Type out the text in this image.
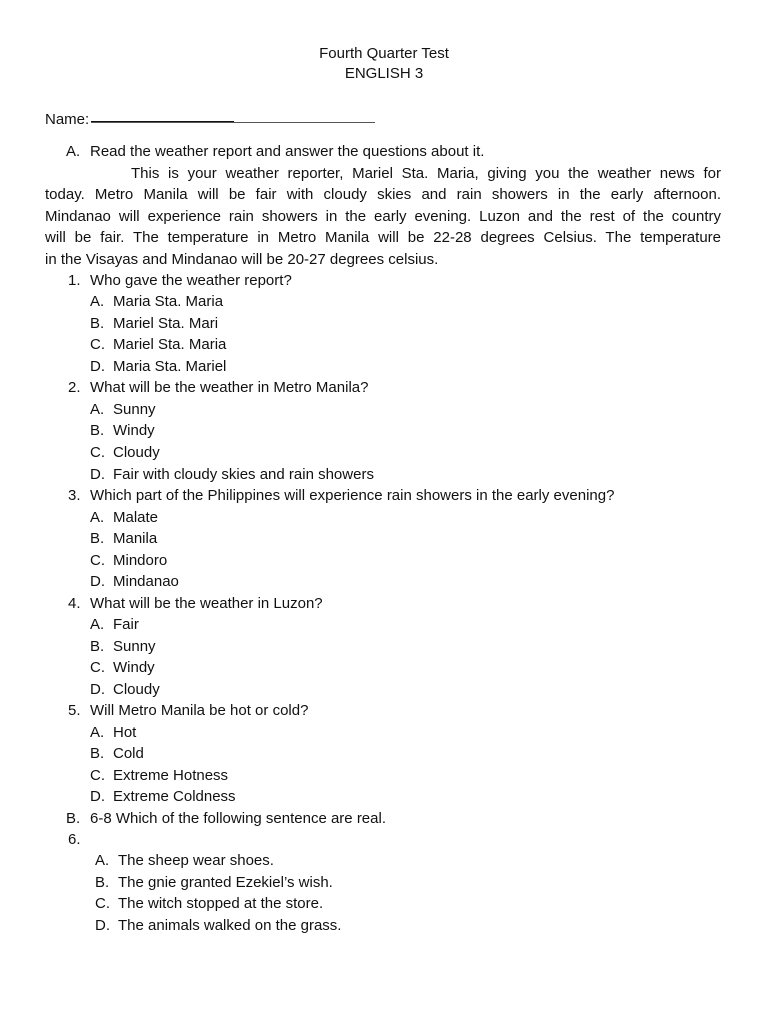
Fourth Quarter Test
ENGLISH 3
Name:
A. Read the weather report and answer the questions about it.
This is your weather reporter, Mariel Sta. Maria, giving you the weather news for
today. Metro Manila will be fair with cloudy skies and rain showers in the early afternoon.
Mindanao will experience rain showers in the early evening. Luzon and the rest of the country
will be fair. The temperature in Metro Manila will be 22-28 degrees Celsius. The temperature
in the Visayas and Mindanao will be 20-27 degrees celsius.
1. Who gave the weather report?
A. Maria Sta. Maria
B. Mariel Sta. Mari
C. Mariel Sta. Maria
D. Maria Sta. Mariel
2. What will be the weather in Metro Manila?
A. Sunny
B. Windy
C. Cloudy
D. Fair with cloudy skies and rain showers
3. Which part of the Philippines will experience rain showers in the early evening?
A. Malate
B. Manila
C. Mindoro
D. Mindanao
4. What will be the weather in Luzon?
A. Fair
B. Sunny
C. Windy
D. Cloudy
5. Will Metro Manila be hot or cold?
A. Hot
B. Cold
C. Extreme Hotness
D. Extreme Coldness
B. 6-8 Which of the following sentence are real.
6.
A. The sheep wear shoes.
B. The gnie granted Ezekiel’s wish.
C. The witch stopped at the store.
D. The animals walked on the grass.
